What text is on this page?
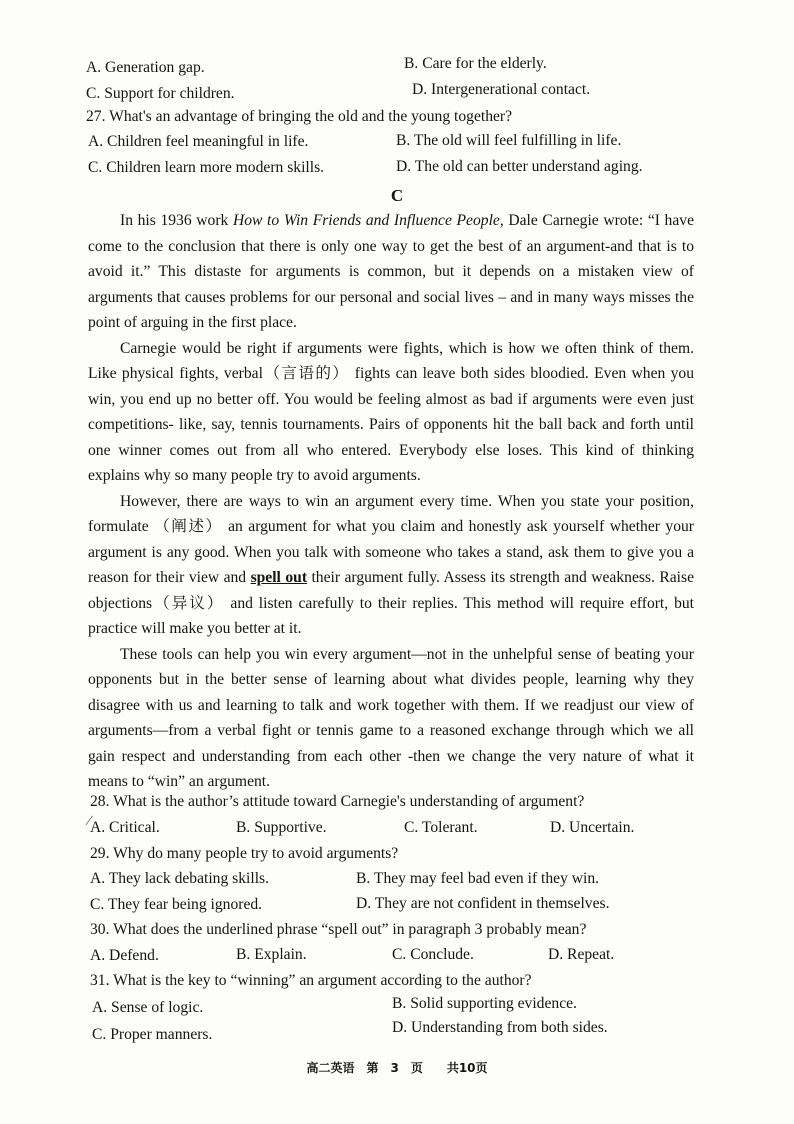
A. Generation gap.	B. Care for the elderly.
C. Support for children.	D. Intergenerational contact.
27. What's an advantage of bringing the old and the young together?
A. Children feel meaningful in life.	B. The old will feel fulfilling in life.
C. Children learn more modern skills.	D. The old can better understand aging.
C

In his 1936 work How to Win Friends and Influence People, Dale Carnegie wrote: “I have come to the conclusion that there is only one way to get the best of an argument-and that is to avoid it.” This distaste for arguments is common, but it depends on a mistaken view of arguments that causes problems for our personal and social lives – and in many ways misses the point of arguing in the first place.

Carnegie would be right if arguments were fights, which is how we often think of them. Like physical fights, verbal（言语的） fights can leave both sides bloodied. Even when you win, you end up no better off. You would be feeling almost as bad if arguments were even just competitions- like, say, tennis tournaments. Pairs of opponents hit the ball back and forth until one winner comes out from all who entered. Everybody else loses. This kind of thinking explains why so many people try to avoid arguments.

However, there are ways to win an argument every time. When you state your position, formulate （阐述） an argument for what you claim and honestly ask yourself whether your argument is any good. When you talk with someone who takes a stand, ask them to give you a reason for their view and spell out their argument fully. Assess its strength and weakness. Raise objections（异议） and listen carefully to their replies. This method will require effort, but practice will make you better at it.

These tools can help you win every argument—not in the unhelpful sense of beating your opponents but in the better sense of learning about what divides people, learning why they disagree with us and learning to talk and work together with them. If we readjust our view of arguments—from a verbal fight or tennis game to a reasoned exchange through which we all gain respect and understanding from each other -then we change the very nature of what it means to “win” an argument.

28. What is the author’s attitude toward Carnegie's understanding of argument?
A. Critical.
∕	B. Supportive.	C. Tolerant.	D. Uncertain.
29. Why do many people try to avoid arguments?
A. They lack debating skills.	B. They may feel bad even if they win.
C. They fear being ignored.	D. They are not confident in themselves.
30. What does the underlined phrase “spell out” in paragraph 3 probably mean?
A. Defend.	B. Explain.	C. Conclude.	D. Repeat.
31. What is the key to “winning” an argument according to the author?
A. Sense of logic.	B. Solid supporting evidence.
C. Proper manners.	D. Understanding from both sides.
高二英语　第　3　页　　共10页
